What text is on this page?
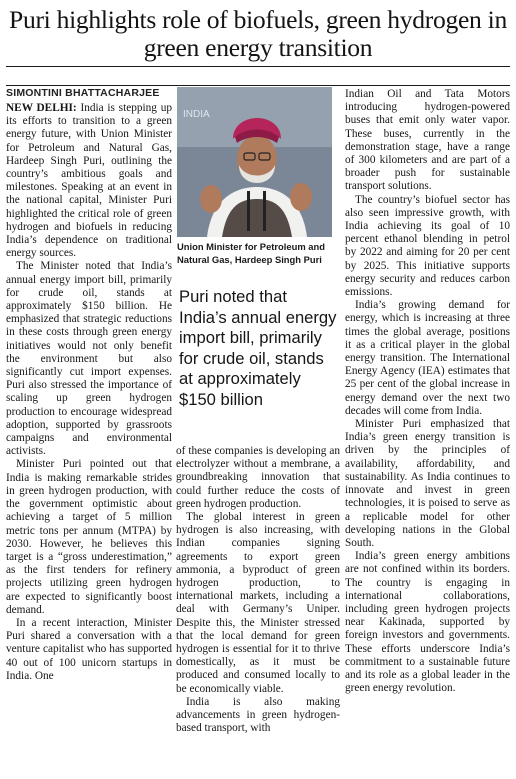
Puri highlights role of biofuels, green hydrogen in green energy transition
SIMONTINI BHATTACHARJEE

NEW DELHI: India is stepping up its efforts to transition to a green energy future, with Union Minister for Petroleum and Natural Gas, Hardeep Singh Puri, outlining the country’s ambitious goals and milestones. Speaking at an event in the national capital, Minister Puri highlighted the critical role of green hydrogen and biofuels in reducing India’s dependence on traditional energy sources.

The Minister noted that India’s annual energy import bill, primarily for crude oil, stands at approximately $150 billion. He emphasized that strategic reductions in these costs through green energy initiatives would not only benefit the environment but also significantly cut import expenses. Puri also stressed the importance of scaling up green hydrogen production to encourage widespread adoption, supported by grassroots campaigns and environmental activists.

Minister Puri pointed out that India is making remarkable strides in green hydrogen production, with the government optimistic about achieving a target of 5 million metric tons per annum (MTPA) by 2030. However, he believes this target is a “gross underestimation,” as the first tenders for refinery projects utilizing green hydrogen are expected to significantly boost demand.

In a recent interaction, Minister Puri shared a conversation with a venture capitalist who has supported 40 out of 100 unicorn startups in India. One

INDIA
Union Minister for Petroleum and Natural Gas, Hardeep Singh Puri
Puri noted that India’s annual energy import bill, primarily for crude oil, stands at approximately $150 billion

of these companies is developing an electrolyzer without a membrane, a groundbreaking innovation that could further reduce the costs of green hydrogen production.

The global interest in green hydrogen is also increasing, with Indian companies signing agreements to export green ammonia, a byproduct of green hydrogen production, to international markets, including a deal with Germany’s Uniper. Despite this, the Minister stressed that the local demand for green hydrogen is essential for it to thrive domestically, as it must be produced and consumed locally to be economically viable.

India is also making advancements in green hydrogen-based transport, with

Indian Oil and Tata Motors introducing hydrogen-powered buses that emit only water vapor. These buses, currently in the demonstration stage, have a range of 300 kilometers and are part of a broader push for sustainable transport solutions.

The country’s biofuel sector has also seen impressive growth, with India achieving its goal of 10 percent ethanol blending in petrol by 2022 and aiming for 20 per cent by 2025. This initiative supports energy security and reduces carbon emissions.

India’s growing demand for energy, which is increasing at three times the global average, positions it as a critical player in the global energy transition. The International Energy Agency (IEA) estimates that 25 per cent of the global increase in energy demand over the next two decades will come from India.

Minister Puri emphasized that India’s green energy transition is driven by the principles of availability, affordability, and sustainability. As India continues to innovate and invest in green technologies, it is poised to serve as a replicable model for other developing nations in the Global South.

India’s green energy ambitions are not confined within its borders. The country is engaging in international collaborations, including green hydrogen projects near Kakinada, supported by foreign investors and governments. These efforts underscore India’s commitment to a sustainable future and its role as a global leader in the green energy revolution.
